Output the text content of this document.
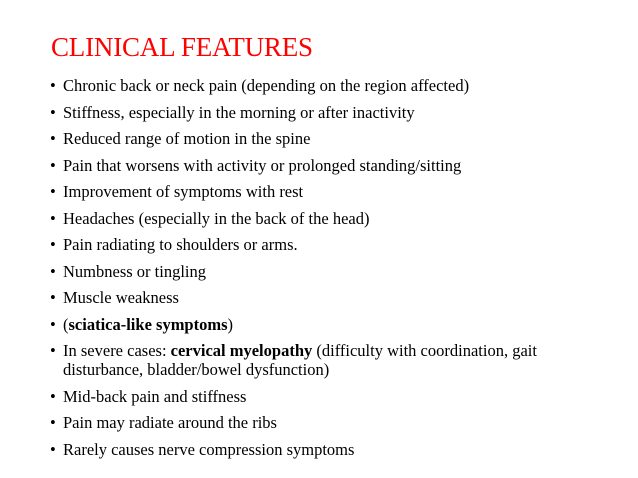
CLINICAL FEATURES
• Chronic back or neck pain (depending on the region affected)
• Stiffness, especially in the morning or after inactivity
• Reduced range of motion in the spine
• Pain that worsens with activity or prolonged standing/sitting
• Improvement of symptoms with rest
• Headaches (especially in the back of the head)
• Pain radiating to shoulders or arms.
• Numbness or tingling
• Muscle weakness
• (sciatica-like symptoms)
• In severe cases: cervical myelopathy (difficulty with coordination, gait disturbance, bladder/bowel dysfunction)
• Mid-back pain and stiffness
• Pain may radiate around the ribs
• Rarely causes nerve compression symptoms
